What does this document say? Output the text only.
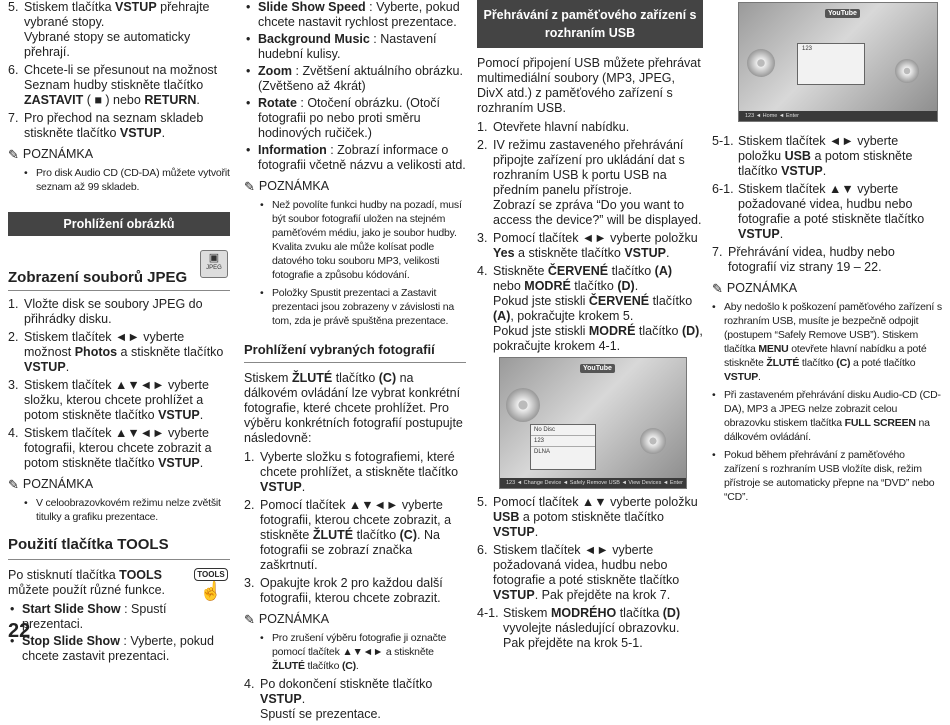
5. Stiskem tlačítka VSTUP přehrajte vybrané stopy.
Vybrané stopy se automaticky přehrají.
6. Chcete-li se přesunout na možnost Seznam hudby stiskněte tlačítko ZASTAVIT ( ■ ) nebo RETURN.
7. Pro přechod na seznam skladeb stiskněte tlačítko VSTUP.
✎ POZNÁMKA
• Pro disk Audio CD (CD-DA) můžete vytvořit seznam až 99 skladeb.
Prohlížení obrázků
▣
JPEG
Zobrazení souborů JPEG
1. Vložte disk se soubory JPEG do přihrádky disku.
2. Stiskem tlačítek ◄► vyberte možnost Photos a stiskněte tlačítko VSTUP.
3. Stiskem tlačítek ▲▼◄► vyberte složku, kterou chcete prohlížet a potom stiskněte tlačítko VSTUP.
4. Stiskem tlačítek ▲▼◄► vyberte fotografii, kterou chcete zobrazit a potom stiskněte tlačítko VSTUP.
✎ POZNÁMKA
• V celoobrazovkovém režimu nelze zvětšit titulky a grafiku prezentace.
Použití tlačítka TOOLS

Po stisknutí tlačítka TOOLS můžete použít různé funkce.

TOOLS
☝
• Start Slide Show : Spustí prezentaci.
• Stop Slide Show : Vyberte, pokud chcete zastavit prezentaci.
22
• Slide Show Speed : Vyberte, pokud chcete nastavit rychlost prezentace.
• Background Music : Nastavení hudební kulisy.
• Zoom : Zvětšení aktuálního obrázku. (Zvětšeno až 4krát)
• Rotate : Otočení obrázku. (Otočí fotografii po nebo proti směru hodinových ručiček.)
• Information : Zobrazí informace o fotografii včetně názvu a velikosti atd.
✎ POZNÁMKA
• Než povolíte funkci hudby na pozadí, musí být soubor fotografií uložen na stejném paměťovém médiu, jako je soubor hudby. Kvalita zvuku ale může kolísat podle datového toku souboru MP3, velikosti fotografie a způsobu kódování.
• Položky Spustit prezentaci a Zastavit prezentaci jsou zobrazeny v závislosti na tom, zda je právě spuštěna prezentace.
Prohlížení vybraných fotografií

Stiskem ŽLUTÉ tlačítko (C) na dálkovém ovládání lze vybrat konkrétní fotografie, které chcete prohlížet. Pro výběru konkrétních fotografií postupujte následovně:

1. Vyberte složku s fotografiemi, které chcete prohlížet, a stiskněte tlačítko VSTUP.
2. Pomocí tlačítek ▲▼◄► vyberte fotografii, kterou chcete zobrazit, a stiskněte ŽLUTÉ tlačítko (C). Na fotografii se zobrazí značka zaškrtnutí.
3. Opakujte krok 2 pro každou další fotografii, kterou chcete zobrazit.
✎ POZNÁMKA
• Pro zrušení výběru fotografie ji označte pomocí tlačítek ▲▼◄► a stiskněte ŽLUTÉ tlačítko (C).
4. Po dokončení stiskněte tlačítko VSTUP.
Spustí se prezentace.
Přehrávání z paměťového zařízení s rozhraním USB

Pomocí připojení USB můžete přehrávat multimediální soubory (MP3, JPEG, DivX atd.) z paměťového zařízení s rozhraním USB.

1. Otevřete hlavní nabídku.
2. IV režimu zastaveného přehrávání připojte zařízení pro ukládání dat s rozhraním USB k portu USB na předním panelu přístroje.
Zobrazí se zpráva “Do you want to access the device?” will be displayed.
3. Pomocí tlačítek ◄► vyberte položku Yes a stiskněte tlačítko VSTUP.
4. Stiskněte ČERVENÉ tlačítko (A) nebo MODRÉ tlačítko (D).
Pokud jste stiskli ČERVENÉ tlačítko (A), pokračujte krokem 5.
Pokud jste stiskli MODRÉ tlačítko (D), pokračujte krokem 4-1.
YouTube
No Disc
123
DLNA
123 ◄ Change Device ◄ Safely Remove USB ◄ View Devices ◄ Enter
5. Pomocí tlačítek ▲▼ vyberte položku USB a potom stiskněte tlačítko VSTUP.
6. Stiskem tlačítek ◄► vyberte požadovaná videa, hudbu nebo fotografie a poté stiskněte tlačítko VSTUP. Pak přejděte na krok 7.
4-1. Stiskem MODRÉHO tlačítka (D) vyvolejte následující obrazovku.
Pak přejděte na krok 5-1.
YouTube
123
123 ◄ Home ◄ Enter
5-1. Stiskem tlačítek ◄► vyberte položku USB a potom stiskněte tlačítko VSTUP.
6-1. Stiskem tlačítek ▲▼ vyberte požadované videa, hudbu nebo fotografie a poté stiskněte tlačítko VSTUP.
7. Přehrávání videa, hudby nebo fotografií viz strany 19 – 22.
✎ POZNÁMKA
• Aby nedošlo k poškození paměťového zařízení s rozhraním USB, musíte je bezpečně odpojit (postupem “Safely Remove USB”). Stiskem tlačítka MENU otevřete hlavní nabídku a poté stiskněte ŽLUTÉ tlačítko (C) a poté tlačítko VSTUP.
• Při zastaveném přehrávání disku Audio-CD (CD-DA), MP3 a JPEG nelze zobrazit celou obrazovku stiskem tlačítka FULL SCREEN na dálkovém ovládání.
• Pokud během přehrávání z paměťového zařízení s rozhraním USB vložíte disk, režim přístroje se automaticky přepne na “DVD” nebo “CD”.
